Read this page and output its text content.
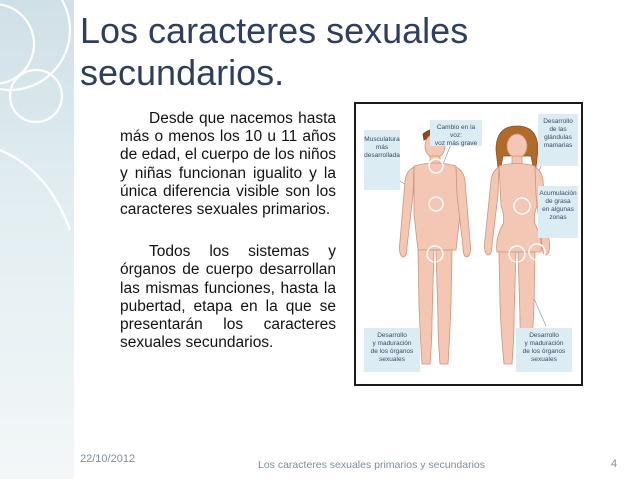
Los caracteres sexuales
secundarios.

Desde que nacemos hasta más o menos los 10 u 11 años de edad, el cuerpo de los niños y niñas funcionan igualito y la única diferencia visible son los caracteres sexuales primarios.

Todos los sistemas y órganos de cuerpo desarrollan las mismas funciones, hasta la pubertad, etapa en la que se presentarán los caracteres sexuales secundarios.

Musculatura
más
desarrollada
Cambio en la voz:
voz más grave
Desarrollo
de las
glándulas
mamarias
Acumulación
de grasa
en algunas
zonas
Desarrollo
y maduración
de los órganos
sexuales
Desarrollo
y maduración
de los órganos
sexuales
22/10/2012	Los caracteres sexuales primarios y secundarios	4
